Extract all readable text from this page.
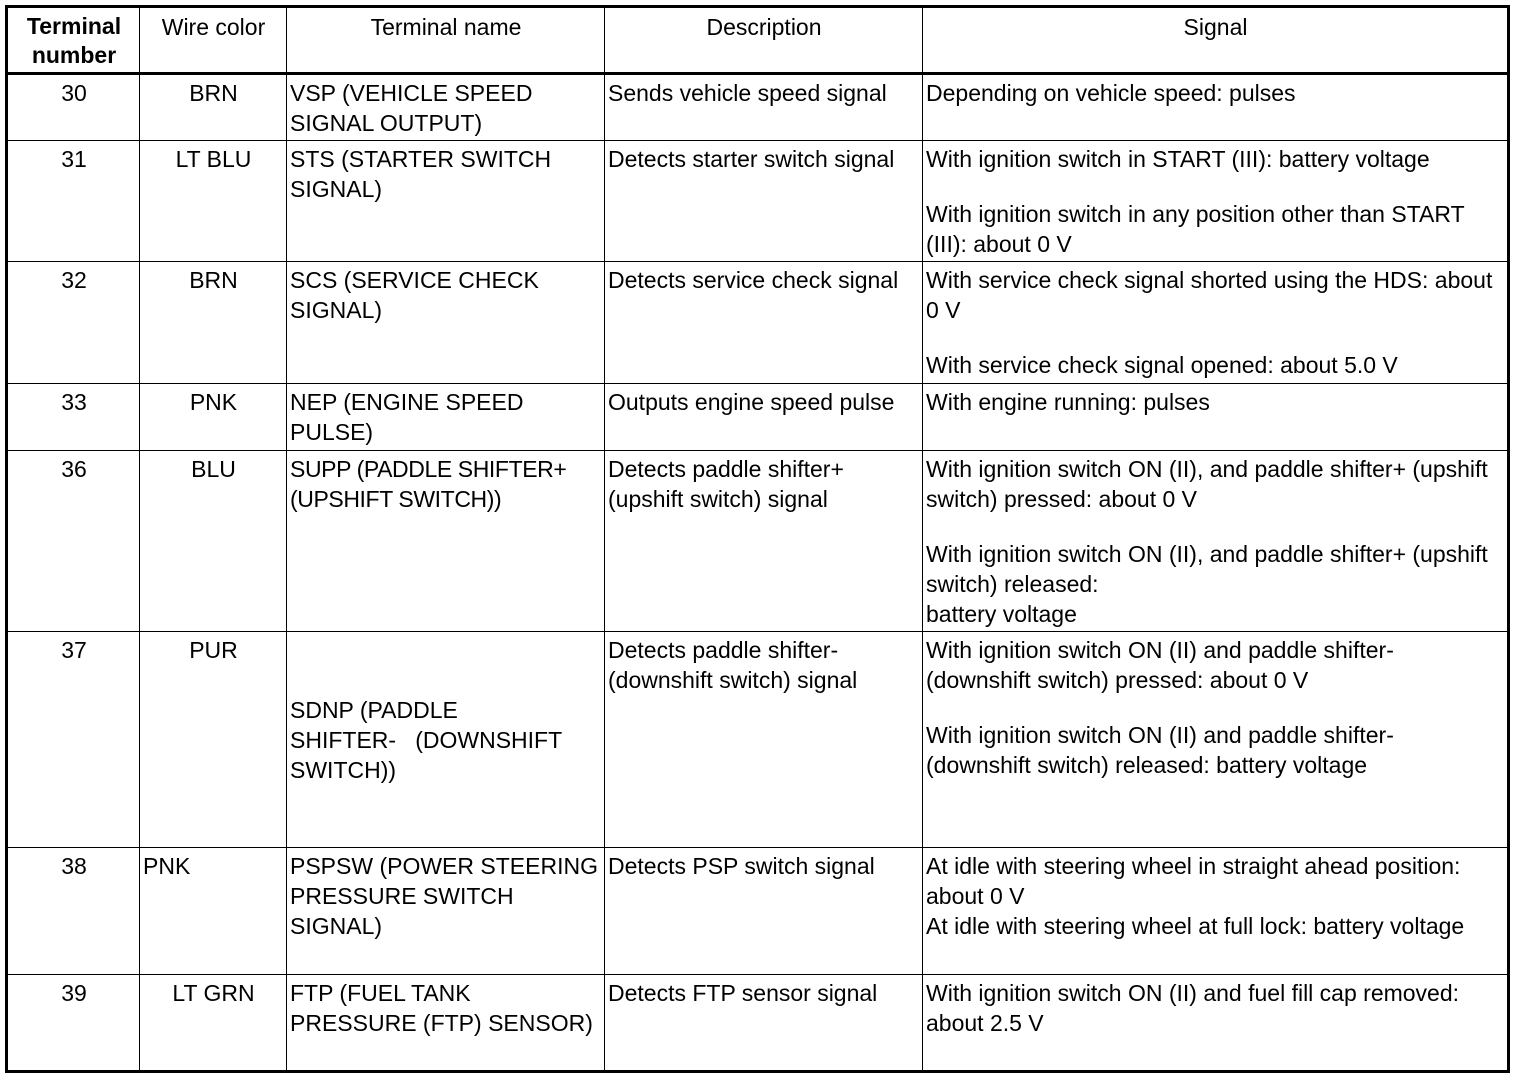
Terminal
number	Wire color	Terminal name	Description	Signal
30	BRN	VSP (VEHICLE SPEED SIGNAL OUTPUT)	Sends vehicle speed signal	Depending on vehicle speed: pulses

31	LT BLU	STS (STARTER SWITCH SIGNAL)	Detects starter switch signal	With ignition switch in START (III): battery voltage
With ignition switch in any position other than START (III): about 0 V

32	BRN	SCS (SERVICE CHECK SIGNAL)	Detects service check signal	With service check signal shorted using the HDS: about 0 V
With service check signal opened: about 5.0 V

33	PNK	NEP (ENGINE SPEED PULSE)	Outputs engine speed pulse	With engine running: pulses

36	BLU	SUPP (PADDLE SHIFTER+ (UPSHIFT SWITCH))	Detects paddle shifter+ (upshift switch) signal	With ignition switch ON (II), and paddle shifter+ (upshift switch) pressed: about 0 V
With ignition switch ON (II), and paddle shifter+ (upshift switch) released:
battery voltage

37	PUR	SDNP (PADDLE
SHIFTER-   (DOWNSHIFT
SWITCH))	Detects paddle shifter- (downshift switch) signal	With ignition switch ON (II) and paddle shifter- (downshift switch) pressed: about 0 V
With ignition switch ON (II) and paddle shifter- (downshift switch) released: battery voltage

38	PNK	PSPSW (POWER STEERING PRESSURE SWITCH SIGNAL)	Detects PSP switch signal	At idle with steering wheel in straight ahead position: about 0 V
At idle with steering wheel at full lock: battery voltage

39	LT GRN	FTP (FUEL TANK PRESSURE (FTP) SENSOR)	Detects FTP sensor signal	With ignition switch ON (II) and fuel fill cap removed: about 2.5 V
